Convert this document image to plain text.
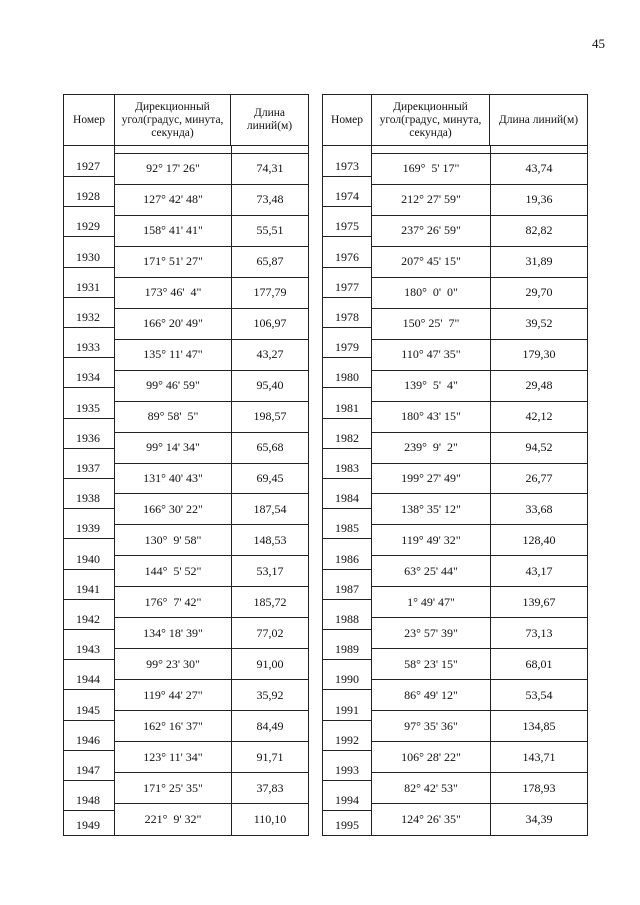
45
Номер
Дирекционный угол(градус, минута, секунда)
Длина линий(м)
1927
1928
1929
1930
1931
1932
1933
1934
1935
1936
1937
1938
1939
1940
1941
1942
1943
1944
1945
1946
1947
1948
1949
92° 17' 26"
127° 42' 48"
158° 41' 41"
171° 51' 27"
173° 46'  4"
166° 20' 49"
135° 11' 47"
99° 46' 59"
89° 58'  5"
99° 14' 34"
131° 40' 43"
166° 30' 22"
130°  9' 58"
144°  5' 52"
176°  7' 42"
134° 18' 39"
99° 23' 30"
119° 44' 27"
162° 16' 37"
123° 11' 34"
171° 25' 35"
221°  9' 32"
74,31
73,48
55,51
65,87
177,79
106,97
43,27
95,40
198,57
65,68
69,45
187,54
148,53
53,17
185,72
77,02
91,00
35,92
84,49
91,71
37,83
110,10
Номер
Дирекционный угол(градус, минута, секунда)
Длина линий(м)
1973
1974
1975
1976
1977
1978
1979
1980
1981
1982
1983
1984
1985
1986
1987
1988
1989
1990
1991
1992
1993
1994
1995
169°  5' 17"
212° 27' 59"
237° 26' 59"
207° 45' 15"
180°  0'  0"
150° 25'  7"
110° 47' 35"
139°  5'  4"
180° 43' 15"
239°  9'  2"
199° 27' 49"
138° 35' 12"
119° 49' 32"
63° 25' 44"
1° 49' 47"
23° 57' 39"
58° 23' 15"
86° 49' 12"
97° 35' 36"
106° 28' 22"
82° 42' 53"
124° 26' 35"
43,74
19,36
82,82
31,89
29,70
39,52
179,30
29,48
42,12
94,52
26,77
33,68
128,40
43,17
139,67
73,13
68,01
53,54
134,85
143,71
178,93
34,39
